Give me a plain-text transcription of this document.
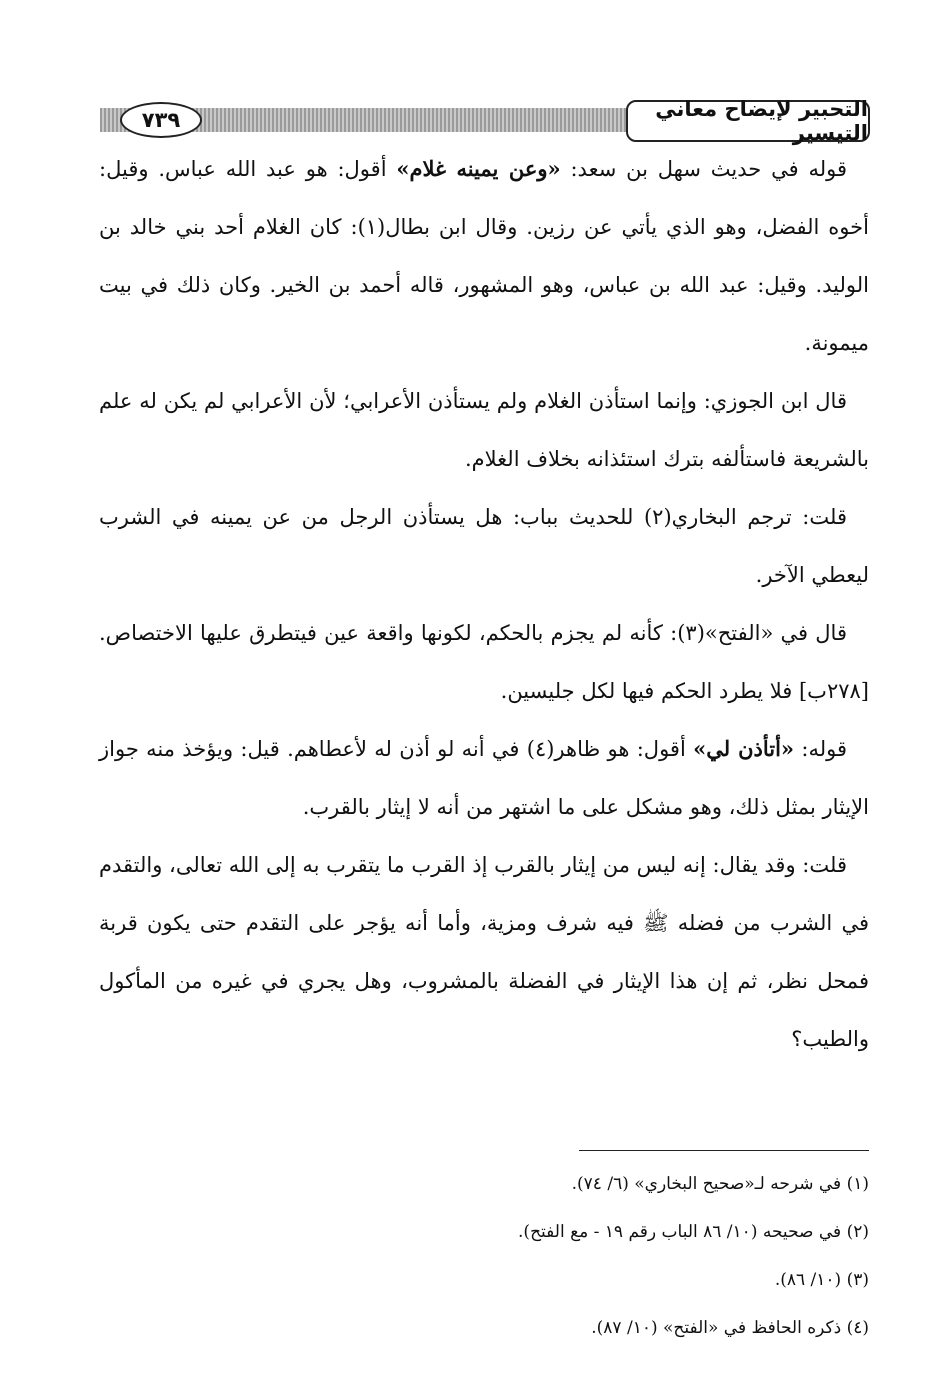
٧٣٩	التحبير لإيضاح معاني التيسير

قوله في حديث سهل بن سعد: «وعن يمينه غلام» أقول: هو عبد الله عباس. وقيل: أخوه الفضل، وهو الذي يأتي عن رزين. وقال ابن بطال(١): كان الغلام أحد بني خالد بن الوليد. وقيل: عبد الله بن عباس، وهو المشهور، قاله أحمد بن الخير. وكان ذلك في بيت ميمونة.

قال ابن الجوزي: وإنما استأذن الغلام ولم يستأذن الأعرابي؛ لأن الأعرابي لم يكن له علم بالشريعة فاستألفه بترك استئذانه بخلاف الغلام.

قلت: ترجم البخاري(٢) للحديث بباب: هل يستأذن الرجل من عن يمينه في الشرب ليعطي الآخر.

قال في «الفتح»(٣): كأنه لم يجزم بالحكم، لكونها واقعة عين فيتطرق عليها الاختصاص. [٢٧٨ب] فلا يطرد الحكم فيها لكل جليسين.

قوله: «أتأذن لي» أقول: هو ظاهر(٤) في أنه لو أذن له لأعطاهم. قيل: ويؤخذ منه جواز الإيثار بمثل ذلك، وهو مشكل على ما اشتهر من أنه لا إيثار بالقرب.

قلت: وقد يقال: إنه ليس من إيثار بالقرب إذ القرب ما يتقرب به إلى الله تعالى، والتقدم في الشرب من فضله ﷺ فيه شرف ومزية، وأما أنه يؤجر على التقدم حتى يكون قربة فمحل نظر، ثم إن هذا الإيثار في الفضلة بالمشروب، وهل يجري في غيره من المأكول والطيب؟

(١) في شرحه لـ«صحيح البخاري» (٦/ ٧٤).
(٢) في صحيحه (١٠/ ٨٦ الباب رقم ١٩ - مع الفتح).
(٣) (١٠/ ٨٦).
(٤) ذكره الحافظ في «الفتح» (١٠/ ٨٧).
